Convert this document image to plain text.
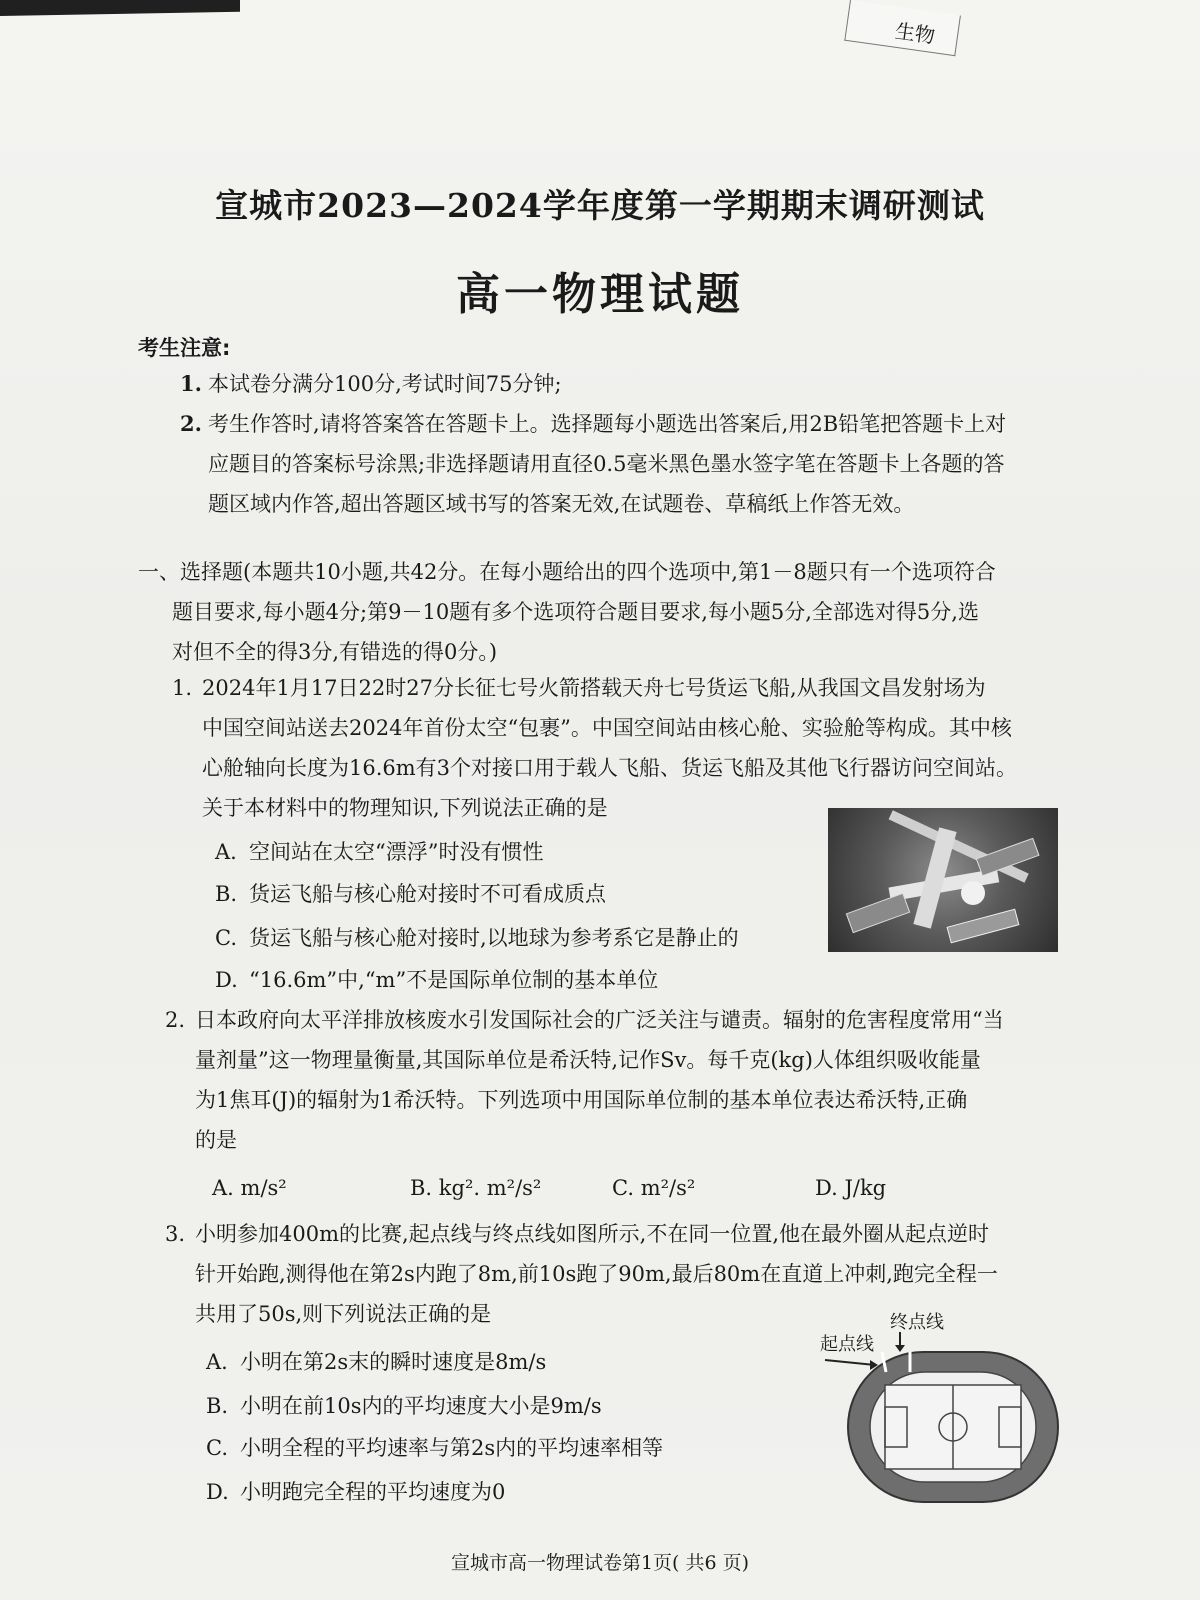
生物
宣城市2023—2024学年度第一学期期末调研测试
高一物理试题
考生注意:
1. 本试卷分满分100分,考试时间75分钟;
2. 考生作答时,请将答案答在答题卡上。选择题每小题选出答案后,用2B铅笔把答题卡上对
应题目的答案标号涂黑;非选择题请用直径0.5毫米黑色墨水签字笔在答题卡上各题的答
题区域内作答,超出答题区域书写的答案无效,在试题卷、草稿纸上作答无效。
一、选择题(本题共10小题,共42分。在每小题给出的四个选项中,第1－8题只有一个选项符合
题目要求,每小题4分;第9－10题有多个选项符合题目要求,每小题5分,全部选对得5分,选
对但不全的得3分,有错选的得0分。)
1. 2024年1月17日22时27分长征七号火箭搭载天舟七号货运飞船,从我国文昌发射场为
中国空间站送去2024年首份太空“包裹”。中国空间站由核心舱、实验舱等构成。其中核
心舱轴向长度为16.6m有3个对接口用于载人飞船、货运飞船及其他飞行器访问空间站。
关于本材料中的物理知识,下列说法正确的是
A. 空间站在太空“漂浮”时没有惯性
B. 货运飞船与核心舱对接时不可看成质点
C. 货运飞船与核心舱对接时,以地球为参考系它是静止的
D. “16.6m”中,“m”不是国际单位制的基本单位
2. 日本政府向太平洋排放核废水引发国际社会的广泛关注与谴责。辐射的危害程度常用“当
量剂量”这一物理量衡量,其国际单位是希沃特,记作Sv。每千克(kg)人体组织吸收能量
为1焦耳(J)的辐射为1希沃特。下列选项中用国际单位制的基本单位表达希沃特,正确
的是
A. m/s²	B. kg². m²/s²	C. m²/s²	D. J/kg
3. 小明参加400m的比赛,起点线与终点线如图所示,不在同一位置,他在最外圈从起点逆时
针开始跑,测得他在第2s内跑了8m,前10s跑了90m,最后80m在直道上冲刺,跑完全程一
共用了50s,则下列说法正确的是
A. 小明在第2s末的瞬时速度是8m/s
B. 小明在前10s内的平均速度大小是9m/s
C. 小明全程的平均速率与第2s内的平均速率相等
D. 小明跑完全程的平均速度为0
终点线
起点线
宣城市高一物理试卷第1页( 共6 页)
